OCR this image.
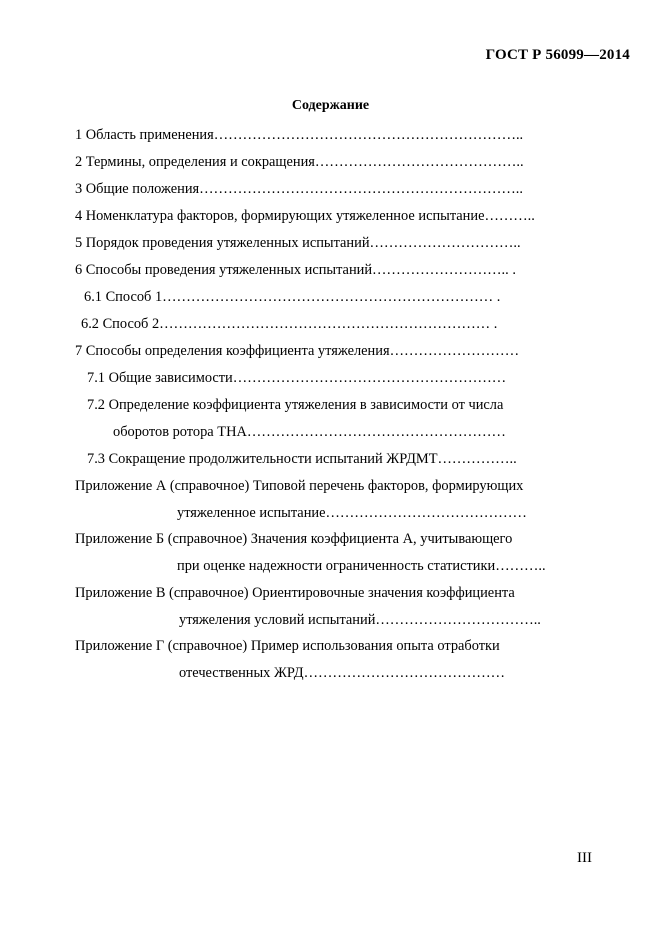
ГОСТ Р 56099—2014
Содержание
1 Область применения………………………………………………………..
2 Термины, определения и сокращения……………………………………..
3 Общие положения…………………………………………………………..
4 Номенклатура факторов, формирующих утяжеленное испытание………..
5 Порядок проведения утяжеленных испытаний…………………………..
6 Способы проведения утяжеленных испытаний……………………….. .
6.1 Способ 1…………………………………………………………… .
6.2 Способ 2…………………………………………………………… .
7 Способы определения коэффициента утяжеления………………………
7.1 Общие зависимости…………………………………………………
7.2 Определение коэффициента утяжеления в зависимости от числа
оборотов ротора ТНА………………………………………………
7.3 Сокращение продолжительности испытаний ЖРДМТ……………..
Приложение А (справочное) Типовой перечень факторов, формирующих
утяжеленное испытание……………………………………
Приложение Б (справочное) Значения коэффициента А, учитывающего
при оценке надежности ограниченность статистики………..
Приложение В (справочное) Ориентировочные значения коэффициента
утяжеления условий испытаний……………………………..
Приложение Г (справочное) Пример использования опыта отработки
отечественных ЖРД……………………………………
III
